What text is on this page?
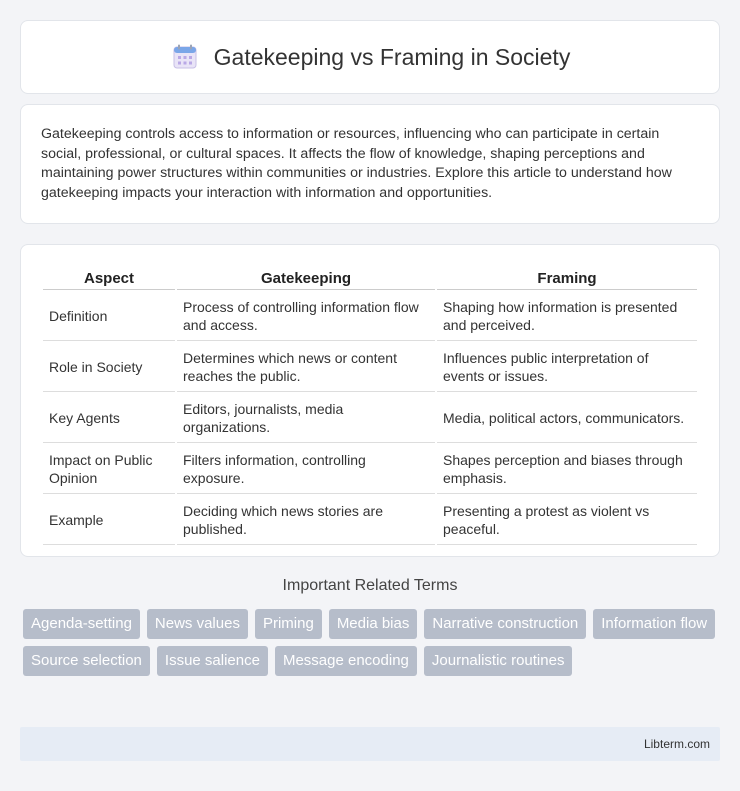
Gatekeeping vs Framing in Society

Gatekeeping controls access to information or resources, influencing who can participate in certain social, professional, or cultural spaces. It affects the flow of knowledge, shaping perceptions and maintaining power structures within communities or industries. Explore this article to understand how gatekeeping impacts your interaction with information and opportunities.

Aspect	Gatekeeping	Framing
Definition	Process of controlling information flow and access.	Shaping how information is presented and perceived.
Role in Society	Determines which news or content reaches the public.	Influences public interpretation of events or issues.
Key Agents	Editors, journalists, media organizations.	Media, political actors, communicators.
Impact on Public Opinion	Filters information, controlling exposure.	Shapes perception and biases through emphasis.
Example	Deciding which news stories are published.	Presenting a protest as violent vs peaceful.
Important Related Terms
Agenda-setting	News values	Priming	Media bias	Narrative construction	Information flow
Source selection	Issue salience	Message encoding	Journalistic routines
Libterm.com
